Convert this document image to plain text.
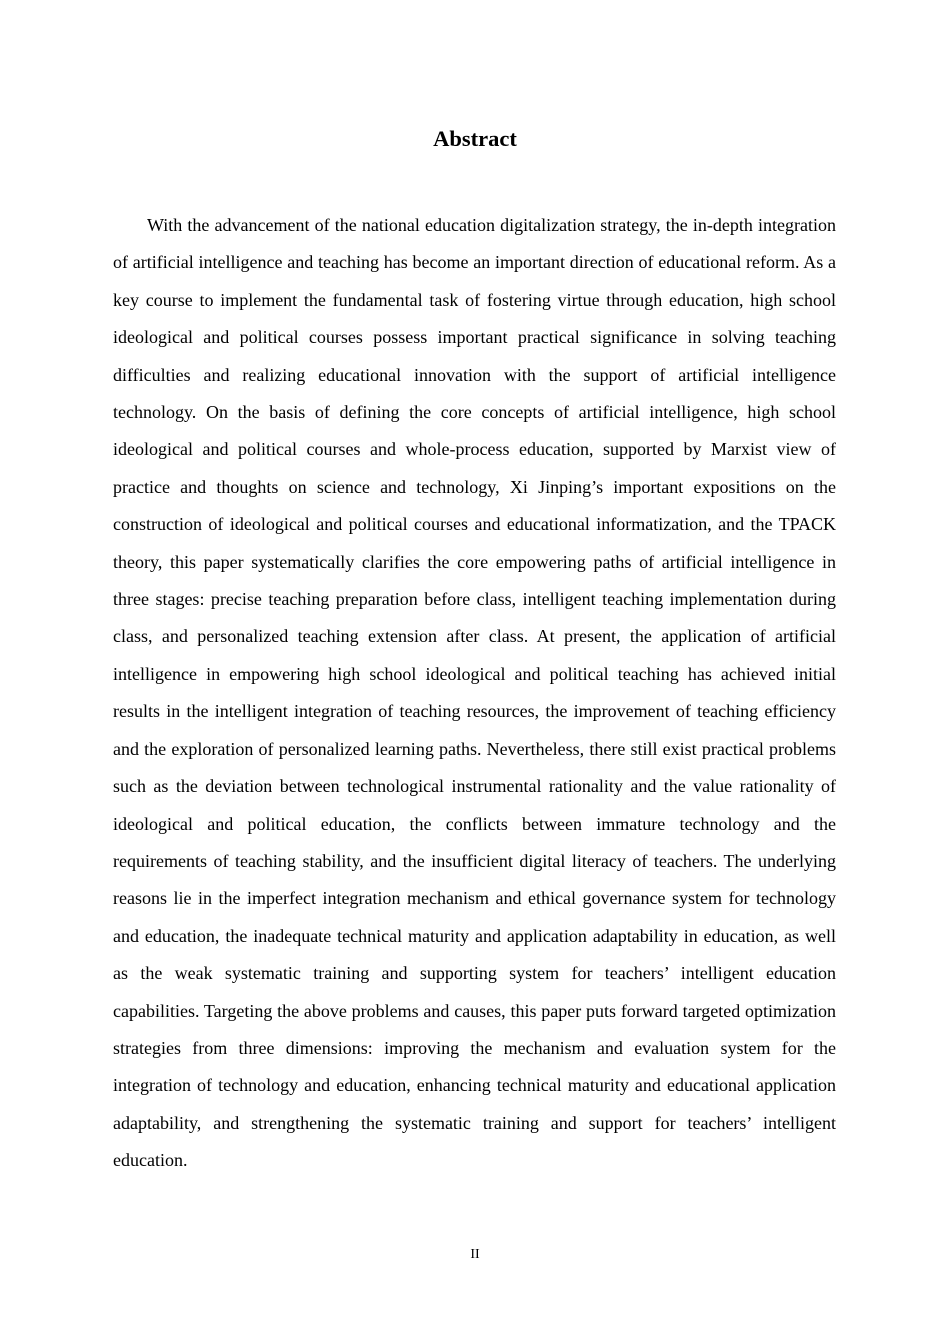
Abstract

With the advancement of the national education digitalization strategy, the in-depth integration of artificial intelligence and teaching has become an important direction of educational reform. As a key course to implement the fundamental task of fostering virtue through education, high school ideological and political courses possess important practical significance in solving teaching difficulties and realizing educational innovation with the support of artificial intelligence technology. On the basis of defining the core concepts of artificial intelligence, high school ideological and political courses and whole-process education, supported by Marxist view of practice and thoughts on science and technology, Xi Jinping’s important expositions on the construction of ideological and political courses and educational informatization, and the TPACK theory, this paper systematically clarifies the core empowering paths of artificial intelligence in three stages: precise teaching preparation before class, intelligent teaching implementation during class, and personalized teaching extension after class. At present, the application of artificial intelligence in empowering high school ideological and political teaching has achieved initial results in the intelligent integration of teaching resources, the improvement of teaching efficiency and the exploration of personalized learning paths. Nevertheless, there still exist practical problems such as the deviation between technological instrumental rationality and the value rationality of ideological and political education, the conflicts between immature technology and the requirements of teaching stability, and the insufficient digital literacy of teachers. The underlying reasons lie in the imperfect integration mechanism and ethical governance system for technology and education, the inadequate technical maturity and application adaptability in education, as well as the weak systematic training and supporting system for teachers’ intelligent education capabilities. Targeting the above problems and causes, this paper puts forward targeted optimization strategies from three dimensions: improving the mechanism and evaluation system for the integration of technology and education, enhancing technical maturity and educational application adaptability, and strengthening the systematic training and support for teachers’ intelligent education.

II
